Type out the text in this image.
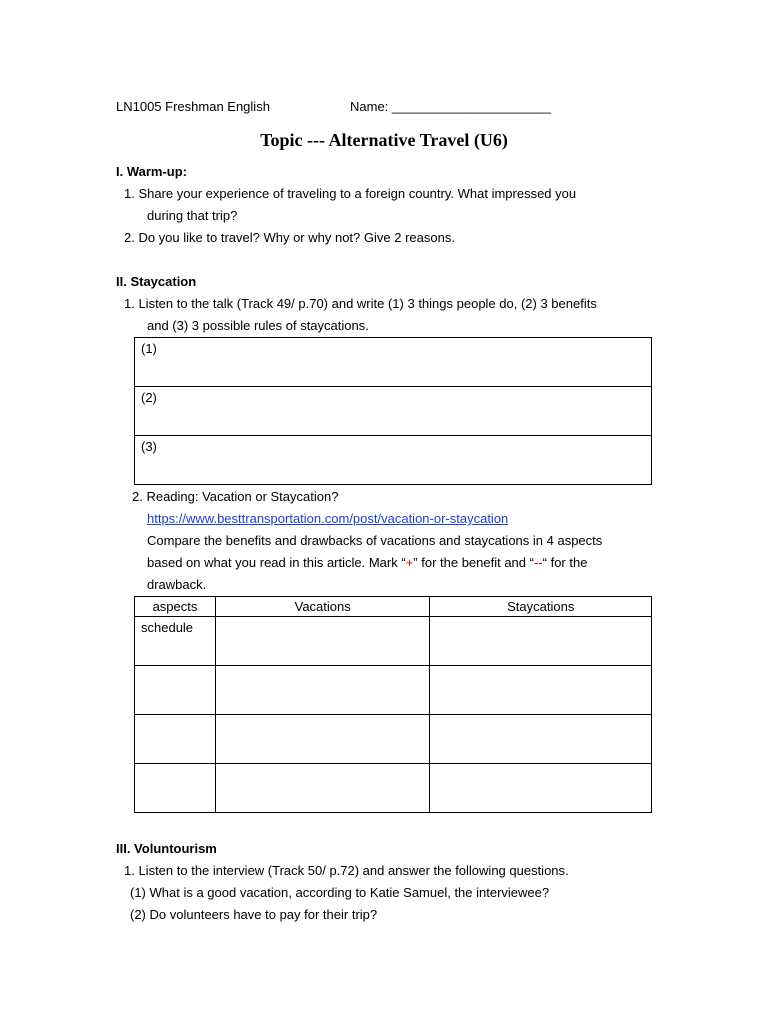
LN1005 Freshman English	Name: ______________________
Topic --- Alternative Travel (U6)
I. Warm-up:
1. Share your experience of traveling to a foreign country. What impressed you
during that trip?
2. Do you like to travel? Why or why not? Give 2 reasons.
II. Staycation
1. Listen to the talk (Track 49/ p.70) and write (1) 3 things people do, (2) 3 benefits
and (3) 3 possible rules of staycations.
(1)
(2)
(3)
2. Reading: Vacation or Staycation?
https://www.besttransportation.com/post/vacation-or-staycation
Compare the benefits and drawbacks of vacations and staycations in 4 aspects
based on what you read in this article. Mark “+” for the benefit and “--“ for the
drawback.
aspects	Vacations	Staycations
schedule		

III. Voluntourism
1. Listen to the interview (Track 50/ p.72) and answer the following questions.
(1) What is a good vacation, according to Katie Samuel, the interviewee?
(2) Do volunteers have to pay for their trip?
